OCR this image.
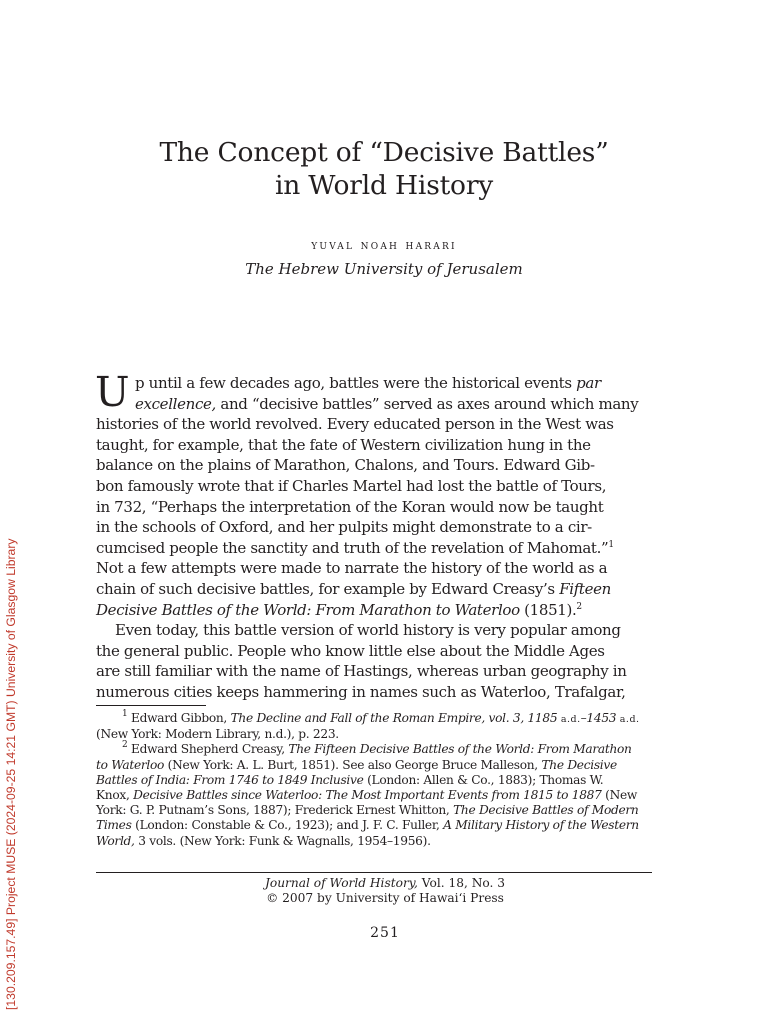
[130.209.157.49] Project MUSE (2024-09-25 14:21 GMT) University of Glasgow Library
The Concept of “Decisive Battles”
in World History
yuval noah harari
The Hebrew University of Jerusalem
U p until a few decades ago, battles were the historical events par
excellence, and “decisive battles” served as axes around which many
histories of the world revolved. Every educated person in the West was
taught, for example, that the fate of Western civilization hung in the
balance on the plains of Marathon, Chalons, and Tours. Edward Gib-
bon famously wrote that if Charles Martel had lost the battle of Tours,
in 732, “Perhaps the interpretation of the Koran would now be taught
in the schools of Oxford, and her pulpits might demonstrate to a cir-
cumcised people the sanctity and truth of the revelation of Mahomat.”$^1$
Not a few attempts were made to narrate the history of the world as a
chain of such decisive battles, for example by Edward Creasy’s Fifteen
Decisive Battles of the World: From Marathon to Waterloo (1851).$^2$
Even today, this battle version of world history is very popular among
the general public. People who know little else about the Middle Ages
are still familiar with the name of Hastings, whereas urban geography in
numerous cities keeps hammering in names such as Waterloo, Trafalgar,
$^1$ Edward Gibbon, The Decline and Fall of the Roman Empire, vol. 3, 1185 a.d.–1453 a.d.
(New York: Modern Library, n.d.), p. 223.
$^2$ Edward Shepherd Creasy, The Fifteen Decisive Battles of the World: From Marathon
to Waterloo (New York: A. L. Burt, 1851). See also George Bruce Malleson, The Decisive
Battles of India: From 1746 to 1849 Inclusive (London: Allen & Co., 1883); Thomas W.
Knox, Decisive Battles since Waterloo: The Most Important Events from 1815 to 1887 (New
York: G. P. Putnam’s Sons, 1887); Frederick Ernest Whitton, The Decisive Battles of Modern
Times (London: Constable & Co., 1923); and J. F. C. Fuller, A Military History of the Western
World, 3 vols. (New York: Funk & Wagnalls, 1954–1956).
Journal of World History, Vol. 18, No. 3
© 2007 by University of Hawai‘i Press
251
